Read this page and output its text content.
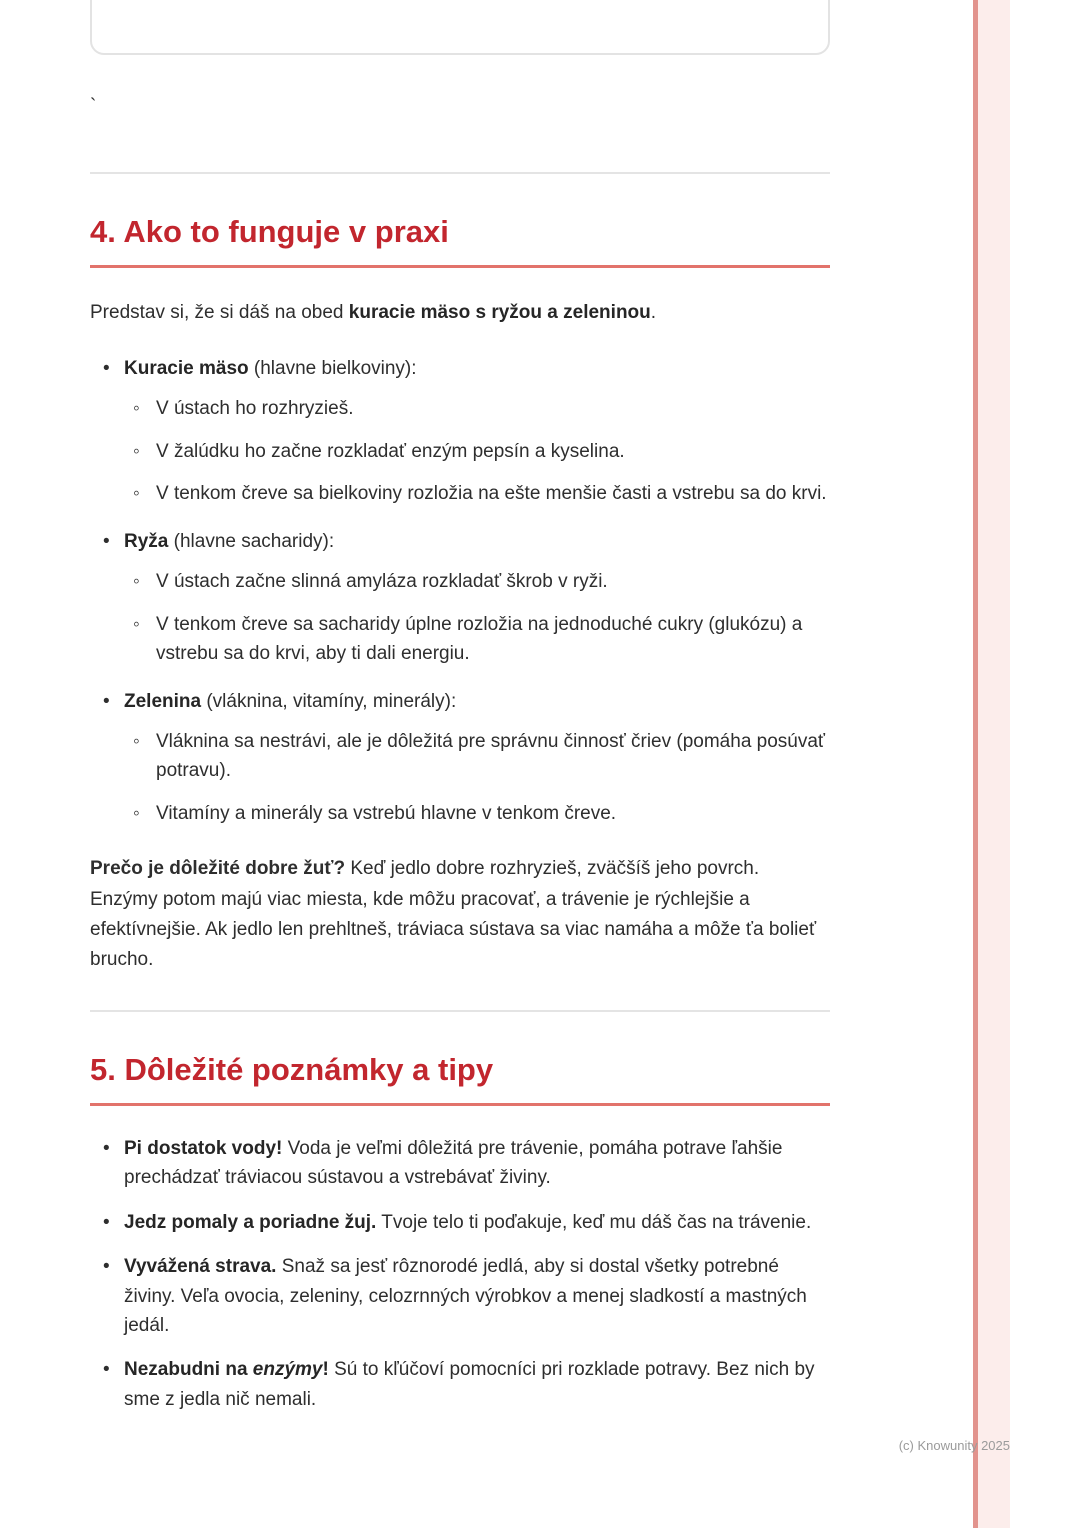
`
4. Ako to funguje v praxi

Predstav si, že si dáš na obed kuracie mäso s ryžou a zeleninou.

• Kuracie mäso (hlavne bielkoviny):
◦ V ústach ho rozhryzieš.
◦ V žalúdku ho začne rozkladať enzým pepsín a kyselina.
◦ V tenkom čreve sa bielkoviny rozložia na ešte menšie časti a vstrebu sa do krvi.
• Ryža (hlavne sacharidy):
◦ V ústach začne slinná amyláza rozkladať škrob v ryži.
◦ V tenkom čreve sa sacharidy úplne rozložia na jednoduché cukry (glukózu) a vstrebu sa do krvi, aby ti dali energiu.
• Zelenina (vláknina, vitamíny, minerály):
◦ Vláknina sa nestrávi, ale je dôležitá pre správnu činnosť čriev (pomáha posúvať potravu).
◦ Vitamíny a minerály sa vstrebú hlavne v tenkom čreve.

Prečo je dôležité dobre žuť? Keď jedlo dobre rozhryzieš, zväčšíš jeho povrch. Enzýmy potom majú viac miesta, kde môžu pracovať, a trávenie je rýchlejšie a efektívnejšie. Ak jedlo len prehltneš, tráviaca sústava sa viac namáha a môže ťa bolieť brucho.

5. Dôležité poznámky a tipy
• Pi dostatok vody! Voda je veľmi dôležitá pre trávenie, pomáha potrave ľahšie prechádzať tráviacou sústavou a vstrebávať živiny.
• Jedz pomaly a poriadne žuj. Tvoje telo ti poďakuje, keď mu dáš čas na trávenie.
• Vyvážená strava. Snaž sa jesť rôznorodé jedlá, aby si dostal všetky potrebné živiny. Veľa ovocia, zeleniny, celozrnných výrobkov a menej sladkostí a mastných jedál.
• Nezabudni na enzýmy! Sú to kľúčoví pomocníci pri rozklade potravy. Bez nich by sme z jedla nič nemali.
(c) Knowunity 2025
